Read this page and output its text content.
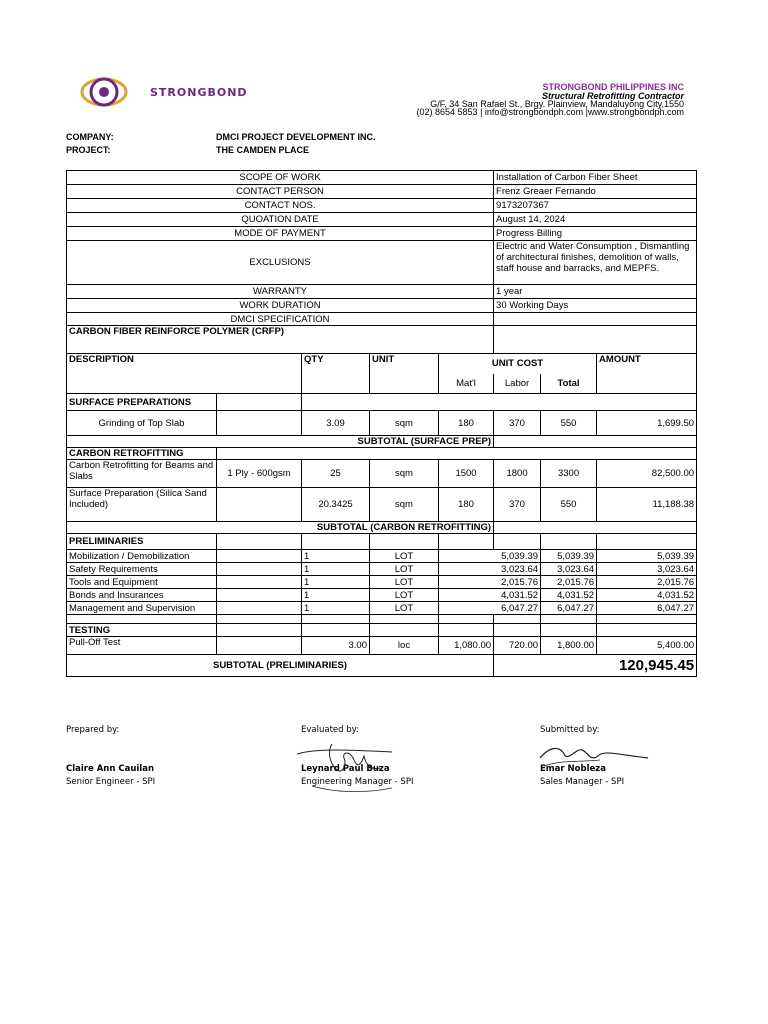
STRONGBOND	STRONGBOND PHILIPPINES INC
Structural Retrofitting Contractor
G/F, 34 San Rafael St., Brgy. Plainview, Mandaluyong City,1550
(02) 8654 5853 | info@strongbondph.com |www.strongbondph.com
COMPANY:	DMCI PROJECT DEVELOPMENT INC.
PROJECT:	THE CAMDEN PLACE
SCOPE OF WORK					Installation of Carbon Fiber Sheet		
CONTACT PERSON					Frenz Greaer Fernando		
CONTACT NOS.					9173207367		
QUOATION DATE					August 14, 2024		
MODE OF PAYMENT					Progress Billing		
EXCLUSIONS					Electric and Water Consumption , Dismantling of architectural finishes, demolition of walls, staff house and barracks, and MEPFS.		
WARRANTY					1 year		
WORK DURATION					30 Working Days		
DMCI SPECIFICATION							
CARBON FIBER REINFORCE POLYMER (CRFP)							
DESCRIPTION		QTY	UNIT	UNIT COST			AMOUNT
				Mat'l	Labor	Total	
SURFACE PREPARATIONS							
Grinding of Top Slab		3.09	sqm	180	370	550	1,699.50
SUBTOTAL (SURFACE PREP)							
CARBON RETROFITTING							
Carbon Retrofitting for Beams and Slabs	1 Ply - 600gsm	25	sqm	1500	1800	3300	82,500.00
Surface Preparation (Silica Sand Included)		20.3425	sqm	180	370	550	11,188.38
SUBTOTAL (CARBON RETROFITTING)							
PRELIMINARIES							
Mobilization / Demobilization		1	LOT		5,039.39	5,039.39	5,039.39
Safety Requirements		1	LOT		3,023.64	3,023.64	3,023.64
Tools and Equipment		1	LOT		2,015.76	2,015.76	2,015.76
Bonds and Insurances		1	LOT		4,031.52	4,031.52	4,031.52
Management and Supervision		1	LOT		6,047.27	6,047.27	6,047.27

TESTING							
Pull-Off Test		3.00	loc	1,080.00	720.00	1,800.00	5,400.00
SUBTOTAL (PRELIMINARIES)					120,945.45		
Prepared by:
Claire Ann Cauilan
Senior Engineer - SPI
Evaluated by:
Leynard Paul Buza
Engineering Manager - SPI
Submitted by:
Emar Nobleza
Sales Manager - SPI
